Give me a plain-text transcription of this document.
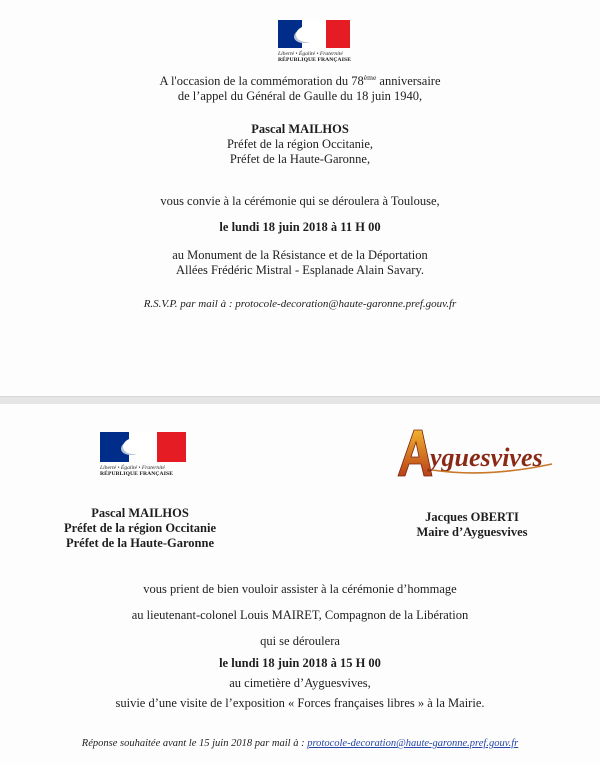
Liberté • Égalité • Fraternité
RÉPUBLIQUE FRANÇAISE
A l'occasion de la commémoration du 78ème anniversaire
de l’appel du Général de Gaulle du 18 juin 1940,
Pascal MAILHOS
Préfet de la région Occitanie,
Préfet de la Haute-Garonne,
vous convie à la cérémonie qui se déroulera à Toulouse,
le lundi 18 juin 2018 à 11 H 00
au Monument de la Résistance et de la Déportation
Allées Frédéric Mistral - Esplanade Alain Savary.
R.S.V.P. par mail à : protocole-decoration@haute-garonne.pref.gouv.fr
Liberté • Égalité • Fraternité
RÉPUBLIQUE FRANÇAISE
Pascal MAILHOS
Préfet de la région Occitanie
Préfet de la Haute-Garonne
Jacques OBERTI
Maire d’Ayguesvives
vous prient de bien vouloir assister à la cérémonie d’hommage
au lieutenant-colonel Louis MAIRET, Compagnon de la Libération
qui se déroulera
le lundi 18 juin 2018 à 15 H 00
au cimetière d’Ayguesvives,
suivie d’une visite de l’exposition « Forces françaises libres » à la Mairie.
Réponse souhaitée avant le 15 juin 2018 par mail à : protocole-decoration@haute-garonne.pref.gouv.fr
yguesvives
